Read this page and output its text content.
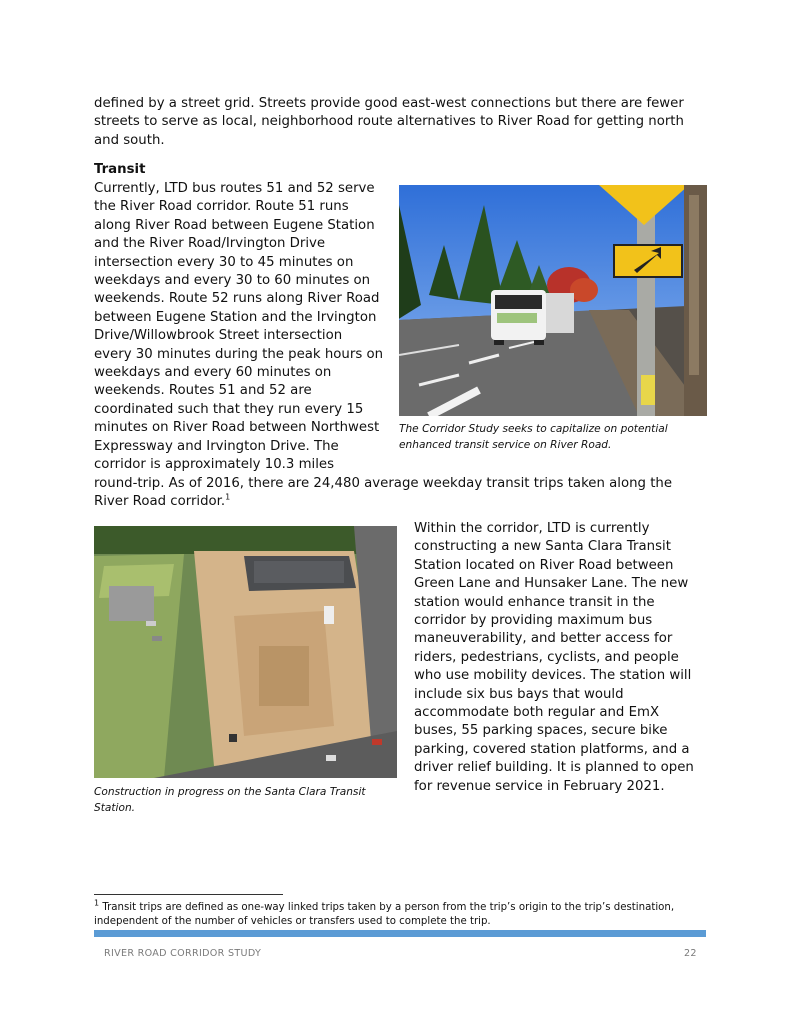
defined by a street grid. Streets provide good east-west connections but there are fewer streets to serve as local, neighborhood route alternatives to River Road for getting north and south.

Transit
Currently, LTD bus routes 51 and 52 serve
the River Road corridor. Route 51 runs
along River Road between Eugene Station
and the River Road/Irvington Drive
intersection every 30 to 45 minutes on
weekdays and every 30 to 60 minutes on
weekends. Route 52 runs along River Road
between Eugene Station and the Irvington
Drive/Willowbrook Street intersection
every 30 minutes during the peak hours on
weekdays and every 60 minutes on
weekends. Routes 51 and 52 are
coordinated such that they run every 15
minutes on River Road between Northwest
Expressway and Irvington Drive. The
corridor is approximately 10.3 miles
round-trip. As of 2016, there are 24,480 average weekday transit trips taken along the
River Road corridor.$^1$
The Corridor Study seeks to capitalize on potential
enhanced transit service on River Road.
Construction in progress on the Santa Clara Transit
Station.
Within the corridor, LTD is currently
constructing a new Santa Clara Transit
Station located on River Road between
Green Lane and Hunsaker Lane. The new
station would enhance transit in the
corridor by providing maximum bus
maneuverability, and better access for
riders, pedestrians, cyclists, and people
who use mobility devices. The station will
include six bus bays that would
accommodate both regular and EmX
buses, 55 parking spaces, secure bike
parking, covered station platforms, and a
driver relief building. It is planned to open
for revenue service in February 2021.
$^1$ Transit trips are defined as one-way linked trips taken by a person from the trip’s origin to the trip’s destination, independent of the number of vehicles or transfers used to complete the trip.
RIVER ROAD CORRIDOR STUDY	22
